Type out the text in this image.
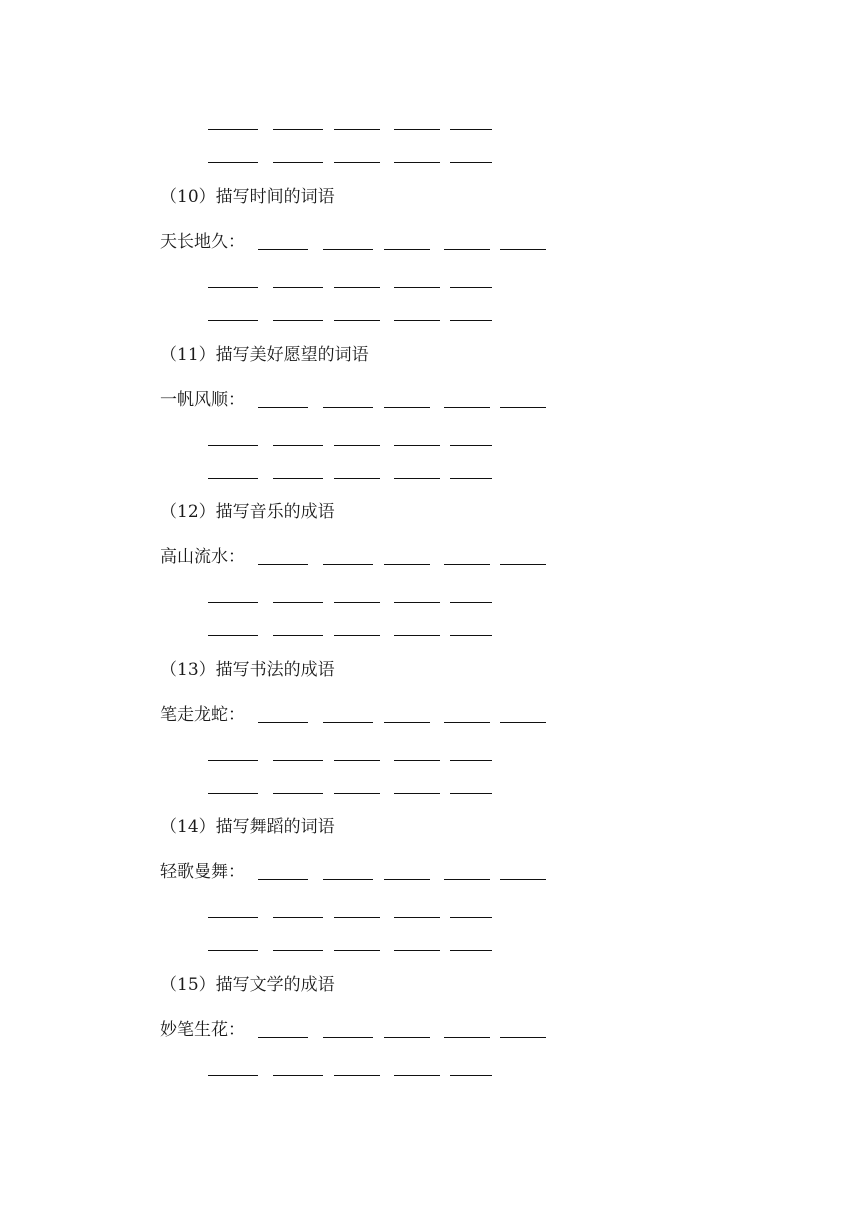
（10）描写时间的词语
天长地久：
（11）描写美好愿望的词语
一帆风顺：
（12）描写音乐的成语
高山流水：
（13）描写书法的成语
笔走龙蛇：
（14）描写舞蹈的词语
轻歌曼舞：
（15）描写文学的成语
妙笔生花：
